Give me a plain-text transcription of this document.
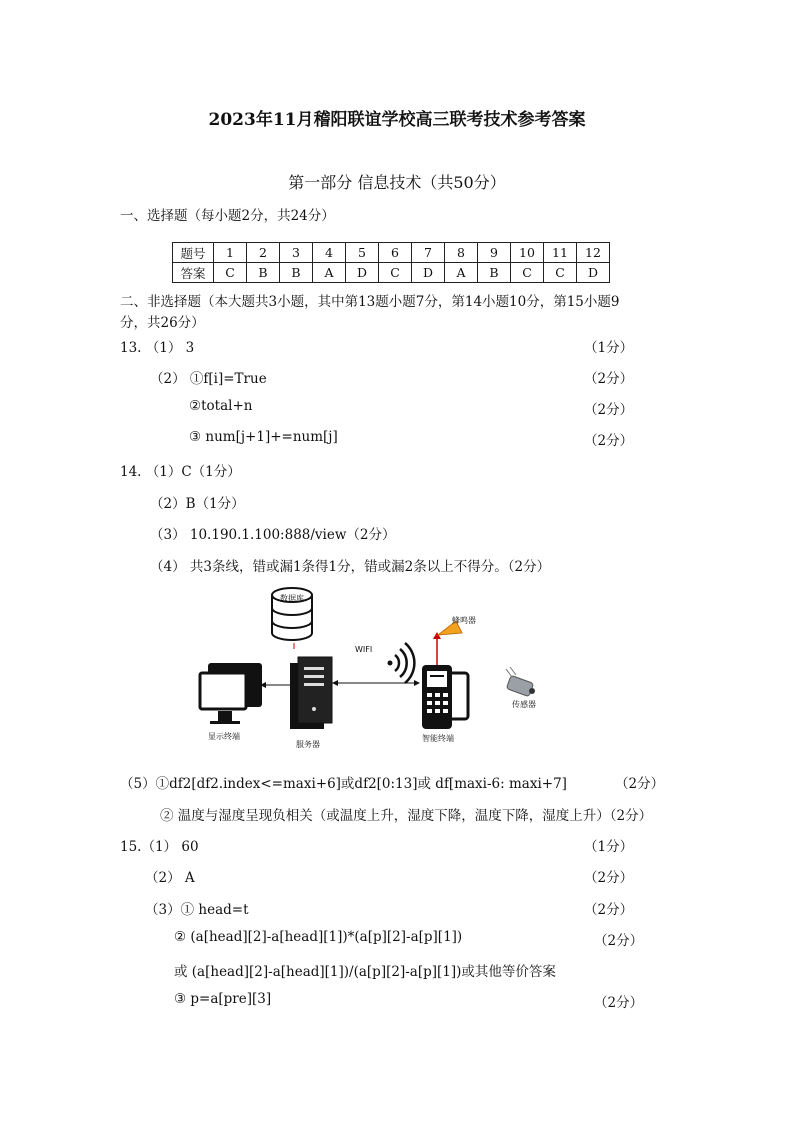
2023年11月稽阳联谊学校高三联考技术参考答案
第一部分 信息技术（共50分）
一、选择题（每小题2分，共24分）
题号	1	2	3	4	5	6	7	8	9	10	11	12
答案	C	B	B	A	D	C	D	A	B	C	C	D
二、非选择题（本大题共3小题，其中第13题小题7分，第14小题10分，第15小题9
分，共26分）
13. （1） 3	（1分）
（2） ①f[i]=True	（2分）
②total+n	（2分）
③ num[j+1]+=num[j]	（2分）
14. （1）C（1分）
（2）B（1分）
（3） 10.190.1.100:888/view（2分）
（4） 共3条线，错或漏1条得1分，错或漏2条以上不得分。（2分）
数据库
蜂鸣器
WIFI
传感器
显示终端
服务器
智能终端
（5）①df2[df2.index<=maxi+6]或df2[0:13]或 df[maxi-6: maxi+7]	（2分）
② 温度与湿度呈现负相关（或温度上升，湿度下降，温度下降，湿度上升）（2分）
15.（1） 60	（1分）
（2） A	（2分）
（3）① head=t	（2分）
② (a[head][2]-a[head][1])*(a[p][2]-a[p][1])	（2分）
或 (a[head][2]-a[head][1])/(a[p][2]-a[p][1])或其他等价答案
③ p=a[pre][3]	（2分）
